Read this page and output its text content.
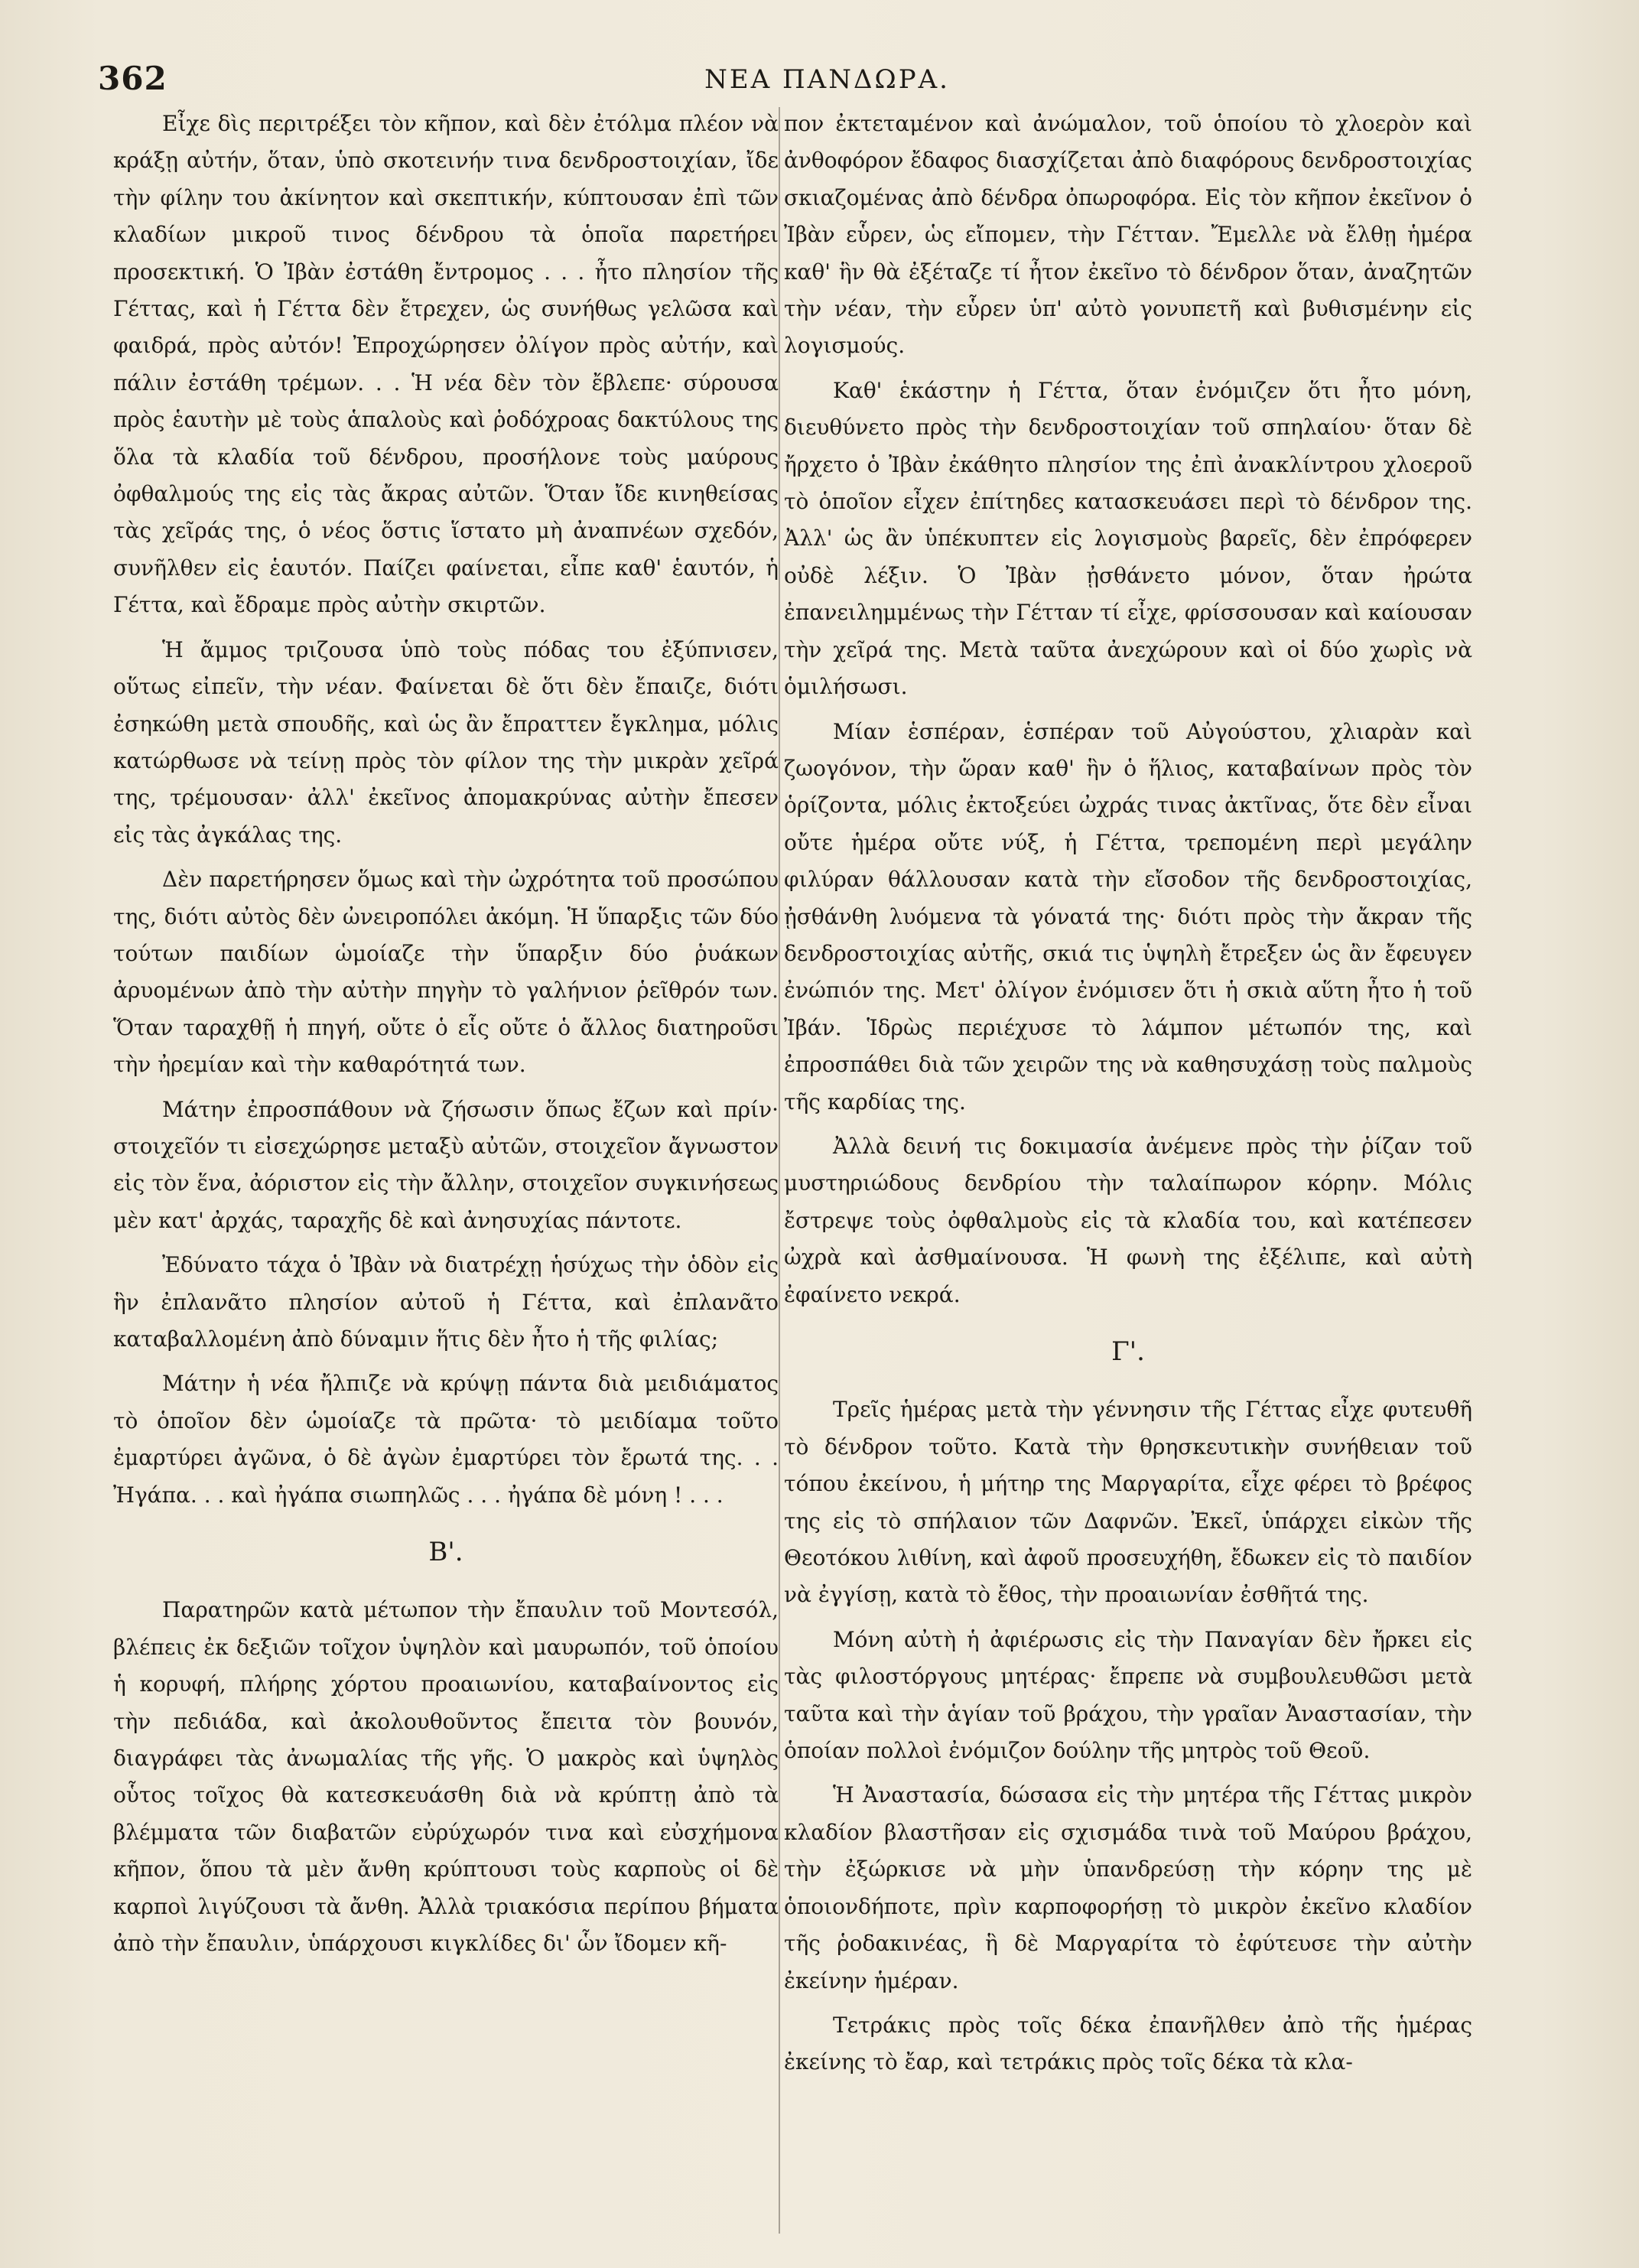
362	ΝΕΑ ΠΑΝΔΩΡΑ.

Εἶχε δὶς περιτρέξει τὸν κῆπον, καὶ δὲν ἐτόλμα πλέον νὰ κράξῃ αὐτήν, ὅταν, ὑπὸ σκοτεινήν τινα δενδροστοιχίαν, ἴδε τὴν φίλην του ἀκίνητον καὶ σκεπτικήν, κύπτουσαν ἐπὶ τῶν κλαδίων μικροῦ τινος δένδρου τὰ ὁποῖα παρετήρει προσεκτική. Ὁ Ἰβὰν ἐστάθη ἔντρομος . . . ἦτο πλησίον τῆς Γέττας, καὶ ἡ Γέττα δὲν ἔτρεχεν, ὡς συνήθως γελῶσα καὶ φαιδρά, πρὸς αὐτόν! Ἐπροχώρησεν ὀλίγον πρὸς αὐτήν, καὶ πάλιν ἐστάθη τρέμων. . . Ἡ νέα δὲν τὸν ἔβλεπε· σύρουσα πρὸς ἑαυτὴν μὲ τοὺς ἁπαλοὺς καὶ ῥοδόχροας δακτύλους της ὅλα τὰ κλαδία τοῦ δένδρου, προσήλονε τοὺς μαύρους ὀφθαλμούς της εἰς τὰς ἄκρας αὐτῶν. Ὅταν ἴδε κινηθείσας τὰς χεῖράς της, ὁ νέος ὅστις ἵστατο μὴ ἀναπνέων σχεδόν, συνῆλθεν εἰς ἑαυτόν. Παίζει φαίνεται, εἶπε καθ' ἑαυτόν, ἡ Γέττα, καὶ ἔδραμε πρὸς αὐτὴν σκιρτῶν.

Ἡ ἄμμος τριζουσα ὑπὸ τοὺς πόδας του ἐξύπνισεν, οὕτως εἰπεῖν, τὴν νέαν. Φαίνεται δὲ ὅτι δὲν ἔπαιζε, διότι ἐσηκώθη μετὰ σπουδῆς, καὶ ὡς ἂν ἔπραττεν ἔγκλημα, μόλις κατώρθωσε νὰ τείνῃ πρὸς τὸν φίλον της τὴν μικρὰν χεῖρά της, τρέμουσαν· ἀλλ' ἐκεῖνος ἀπομακρύνας αὐτὴν ἔπεσεν εἰς τὰς ἀγκάλας της.

Δὲν παρετήρησεν ὅμως καὶ τὴν ὠχρότητα τοῦ προσώπου της, διότι αὐτὸς δὲν ὠνειροπόλει ἀκόμη. Ἡ ὕπαρξις τῶν δύο τούτων παιδίων ὡμοίαζε τὴν ὕπαρξιν δύο ῥυάκων ἀρυομένων ἀπὸ τὴν αὐτὴν πηγὴν τὸ γαλήνιον ῥεῖθρόν των. Ὅταν ταραχθῇ ἡ πηγή, οὔτε ὁ εἷς οὔτε ὁ ἄλλος διατηροῦσι τὴν ἠρεμίαν καὶ τὴν καθαρότητά των.

Μάτην ἐπροσπάθουν νὰ ζήσωσιν ὅπως ἔζων καὶ πρίν· στοιχεῖόν τι εἰσεχώρησε μεταξὺ αὐτῶν, στοιχεῖον ἄγνωστον εἰς τὸν ἕνα, ἀόριστον εἰς τὴν ἄλλην, στοιχεῖον συγκινήσεως μὲν κατ' ἀρχάς, ταραχῆς δὲ καὶ ἀνησυχίας πάντοτε.

Ἐδύνατο τάχα ὁ Ἰβὰν νὰ διατρέχῃ ἡσύχως τὴν ὁδὸν εἰς ἣν ἐπλανᾶτο πλησίον αὐτοῦ ἡ Γέττα, καὶ ἐπλανᾶτο καταβαλλομένη ἀπὸ δύναμιν ἥτις δὲν ἦτο ἡ τῆς φιλίας;

Μάτην ἡ νέα ἤλπιζε νὰ κρύψῃ πάντα διὰ μειδιάματος τὸ ὁποῖον δὲν ὡμοίαζε τὰ πρῶτα· τὸ μειδίαμα τοῦτο ἐμαρτύρει ἀγῶνα, ὁ δὲ ἀγὼν ἐμαρτύρει τὸν ἔρωτά της. . . Ἠγάπα. . . καὶ ἠγάπα σιωπηλῶς . . . ἠγάπα δὲ μόνη ! . . .

Β'.

Παρατηρῶν κατὰ μέτωπον τὴν ἔπαυλιν τοῦ Μοντεσόλ, βλέπεις ἐκ δεξιῶν τοῖχον ὑψηλὸν καὶ μαυρωπόν, τοῦ ὁποίου ἡ κορυφή, πλήρης χόρτου προαιωνίου, καταβαίνοντος εἰς τὴν πεδιάδα, καὶ ἀκολουθοῦντος ἔπειτα τὸν βουνόν, διαγράφει τὰς ἀνωμαλίας τῆς γῆς. Ὁ μακρὸς καὶ ὑψηλὸς οὗτος τοῖχος θὰ κατεσκευάσθη διὰ νὰ κρύπτῃ ἀπὸ τὰ βλέμματα τῶν διαβατῶν εὐρύχωρόν τινα καὶ εὐσχήμονα κῆπον, ὅπου τὰ μὲν ἄνθη κρύπτουσι τοὺς καρποὺς οἱ δὲ καρποὶ λιγύζουσι τὰ ἄνθη. Ἀλλὰ τριακόσια περίπου βήματα ἀπὸ τὴν ἔπαυλιν, ὑπάρχουσι κιγκλίδες δι' ὧν ἴδομεν κῆ-

πον ἐκτεταμένον καὶ ἀνώμαλον, τοῦ ὁποίου τὸ χλοερὸν καὶ ἀνθοφόρον ἔδαφος διασχίζεται ἀπὸ διαφόρους δενδροστοιχίας σκιαζομένας ἀπὸ δένδρα ὀπωροφόρα. Εἰς τὸν κῆπον ἐκεῖνον ὁ Ἰβὰν εὗρεν, ὡς εἴπομεν, τὴν Γέτταν. Ἔμελλε νὰ ἔλθῃ ἡμέρα καθ' ἣν θὰ ἐξέταζε τί ἦτον ἐκεῖνο τὸ δένδρον ὅταν, ἀναζητῶν τὴν νέαν, τὴν εὗρεν ὑπ' αὐτὸ γονυπετῆ καὶ βυθισμένην εἰς λογισμούς.

Καθ' ἑκάστην ἡ Γέττα, ὅταν ἐνόμιζεν ὅτι ἦτο μόνη, διευθύνετο πρὸς τὴν δενδροστοιχίαν τοῦ σπηλαίου· ὅταν δὲ ἤρχετο ὁ Ἰβὰν ἐκάθητο πλησίον της ἐπὶ ἀνακλίντρου χλοεροῦ τὸ ὁποῖον εἶχεν ἐπίτηδες κατασκευάσει περὶ τὸ δένδρον της. Ἀλλ' ὡς ἂν ὑπέκυπτεν εἰς λογισμοὺς βαρεῖς, δὲν ἐπρόφερεν οὐδὲ λέξιν. Ὁ Ἰβὰν ᾐσθάνετο μόνον, ὅταν ἠρώτα ἐπανειλημμένως τὴν Γέτταν τί εἶχε, φρίσσουσαν καὶ καίουσαν τὴν χεῖρά της. Μετὰ ταῦτα ἀνεχώρουν καὶ οἱ δύο χωρὶς νὰ ὁμιλήσωσι.

Μίαν ἑσπέραν, ἑσπέραν τοῦ Αὐγούστου, χλιαρὰν καὶ ζωογόνον, τὴν ὥραν καθ' ἣν ὁ ἥλιος, καταβαίνων πρὸς τὸν ὁρίζοντα, μόλις ἐκτοξεύει ὠχράς τινας ἀκτῖνας, ὅτε δὲν εἶναι οὔτε ἡμέρα οὔτε νύξ, ἡ Γέττα, τρεπομένη περὶ μεγάλην φιλύραν θάλλουσαν κατὰ τὴν εἴσοδον τῆς δενδροστοιχίας, ᾐσθάνθη λυόμενα τὰ γόνατά της· διότι πρὸς τὴν ἄκραν τῆς δενδροστοιχίας αὐτῆς, σκιά τις ὑψηλὴ ἔτρεξεν ὡς ἂν ἔφευγεν ἐνώπιόν της. Μετ' ὀλίγον ἐνόμισεν ὅτι ἡ σκιὰ αὕτη ἦτο ἡ τοῦ Ἰβάν. Ἱδρὼς περιέχυσε τὸ λάμπον μέτωπόν της, καὶ ἐπροσπάθει διὰ τῶν χειρῶν της νὰ καθησυχάσῃ τοὺς παλμοὺς τῆς καρδίας της.

Ἀλλὰ δεινή τις δοκιμασία ἀνέμενε πρὸς τὴν ῥίζαν τοῦ μυστηριώδους δενδρίου τὴν ταλαίπωρον κόρην. Μόλις ἔστρεψε τοὺς ὀφθαλμοὺς εἰς τὰ κλαδία του, καὶ κατέπεσεν ὠχρὰ καὶ ἀσθμαίνουσα. Ἡ φωνὴ της ἐξέλιπε, καὶ αὐτὴ ἐφαίνετο νεκρά.

Γ'.

Τρεῖς ἡμέρας μετὰ τὴν γέννησιν τῆς Γέττας εἶχε φυτευθῆ τὸ δένδρον τοῦτο. Κατὰ τὴν θρησκευτικὴν συνήθειαν τοῦ τόπου ἐκείνου, ἡ μήτηρ της Μαργαρίτα, εἶχε φέρει τὸ βρέφος της εἰς τὸ σπήλαιον τῶν Δαφνῶν. Ἐκεῖ, ὑπάρχει εἰκὼν τῆς Θεοτόκου λιθίνη, καὶ ἀφοῦ προσευχήθη, ἔδωκεν εἰς τὸ παιδίον νὰ ἐγγίσῃ, κατὰ τὸ ἔθος, τὴν προαιωνίαν ἐσθῆτά της.

Μόνη αὐτὴ ἡ ἀφιέρωσις εἰς τὴν Παναγίαν δὲν ἤρκει εἰς τὰς φιλοστόργους μητέρας· ἔπρεπε νὰ συμβουλευθῶσι μετὰ ταῦτα καὶ τὴν ἁγίαν τοῦ βράχου, τὴν γραῖαν Ἀναστασίαν, τὴν ὁποίαν πολλοὶ ἐνόμιζον δούλην τῆς μητρὸς τοῦ Θεοῦ.

Ἡ Ἀναστασία, δώσασα εἰς τὴν μητέρα τῆς Γέττας μικρὸν κλαδίον βλαστῆσαν εἰς σχισμάδα τινὰ τοῦ Μαύρου βράχου, τὴν ἐξώρκισε νὰ μὴν ὑπανδρεύσῃ τὴν κόρην της μὲ ὁποιονδήποτε, πρὶν καρποφορήσῃ τὸ μικρὸν ἐκεῖνο κλαδίον τῆς ῥοδακινέας, ἣ δὲ Μαργαρίτα τὸ ἐφύτευσε τὴν αὐτὴν ἐκείνην ἡμέραν.

Τετράκις πρὸς τοῖς δέκα ἐπανῆλθεν ἀπὸ τῆς ἡμέρας ἐκείνης τὸ ἔαρ, καὶ τετράκις πρὸς τοῖς δέκα τὰ κλα-
